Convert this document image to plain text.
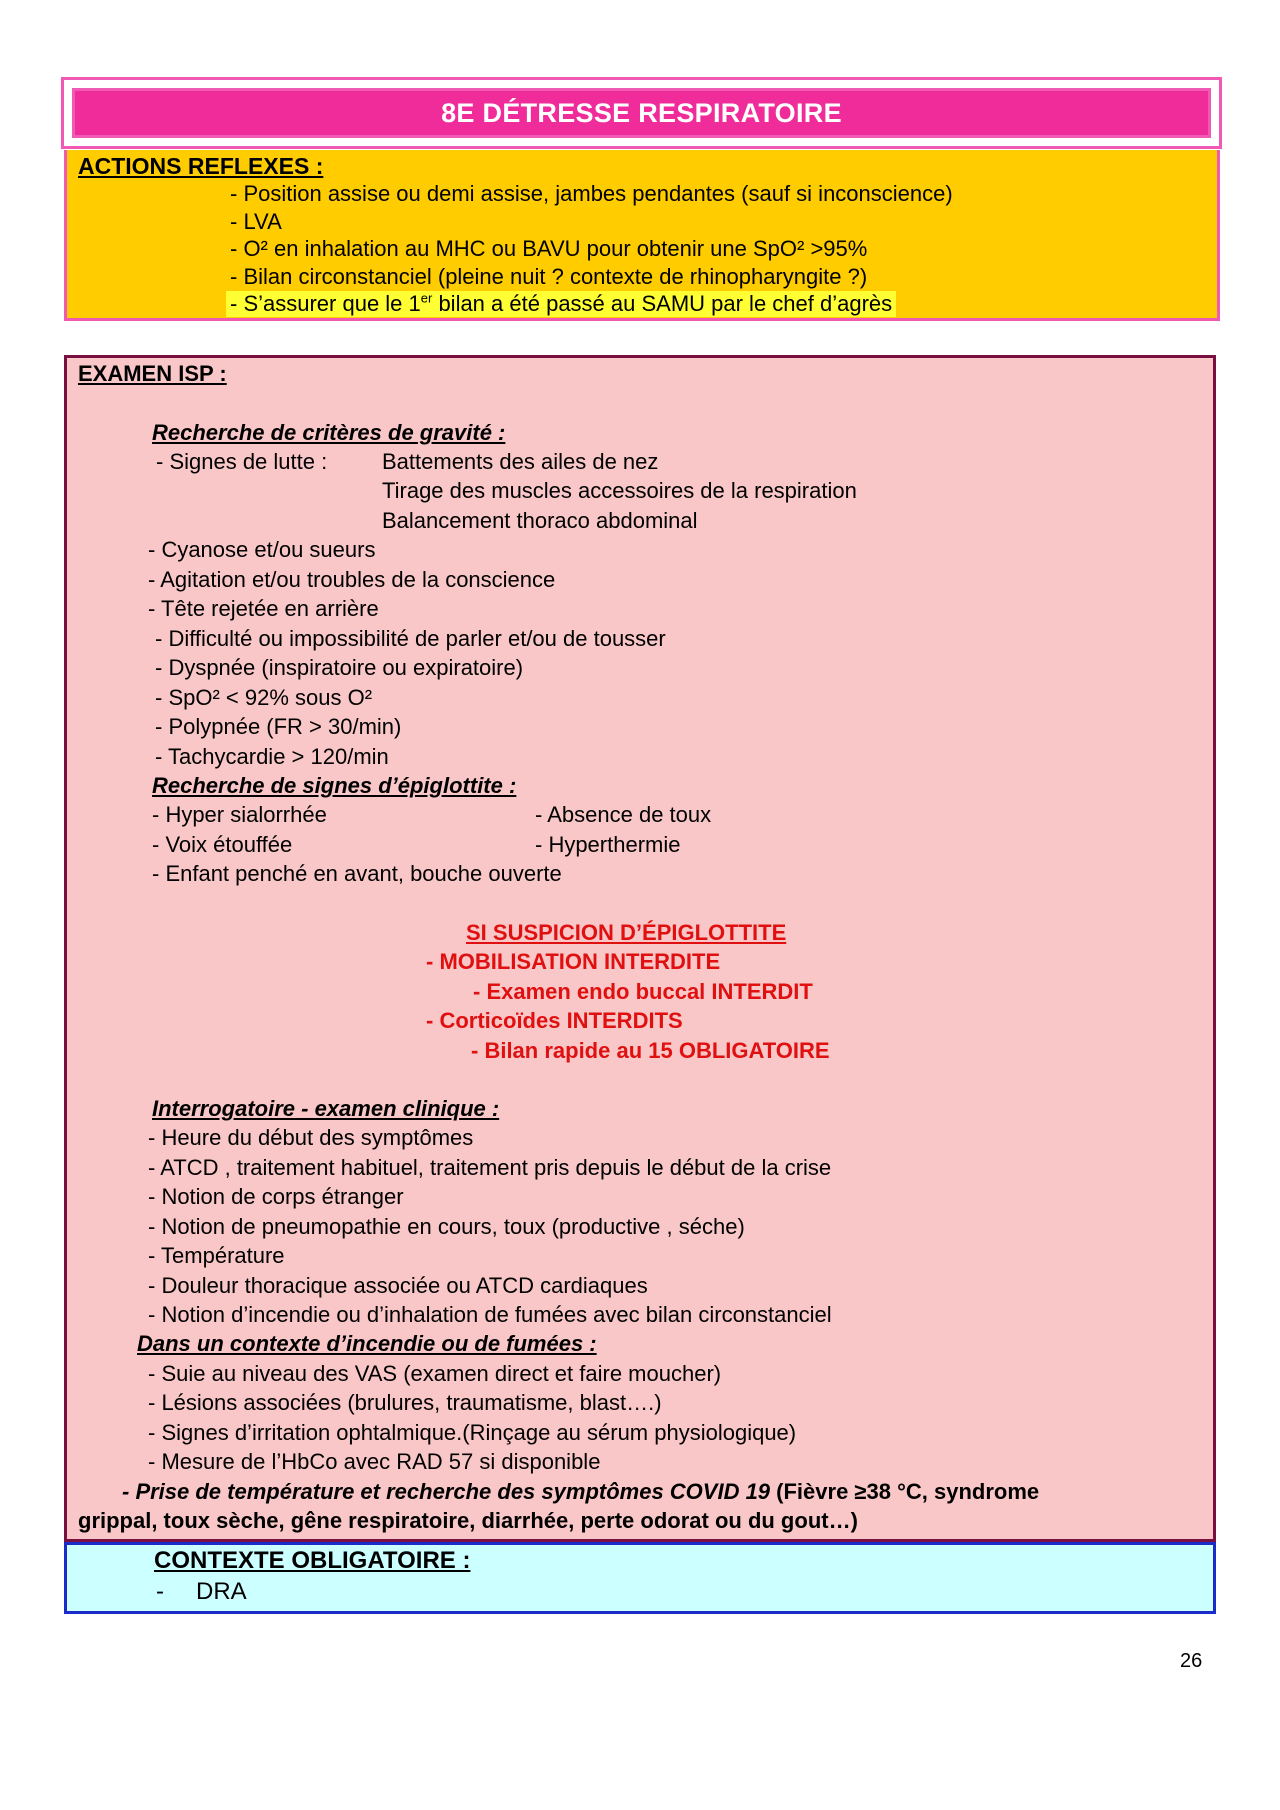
8E DÉTRESSE RESPIRATOIRE
ACTIONS REFLEXES :
- Position assise ou demi assise, jambes pendantes (sauf si inconscience)
- LVA
- O² en inhalation au MHC ou BAVU pour obtenir une SpO² >95%
- Bilan circonstanciel (pleine nuit ? contexte de rhinopharyngite ?)
- S’assurer que le 1er bilan a été passé au SAMU par le chef d’agrès
EXAMEN ISP :
Recherche de critères de gravité :
- Signes de lutte : Battements des ailes de nez
Tirage des muscles accessoires de la respiration
Balancement thoraco abdominal
- Cyanose et/ou sueurs
- Agitation et/ou troubles de la conscience
- Tête rejetée en arrière
- Difficulté ou impossibilité de parler et/ou de tousser
- Dyspnée (inspiratoire ou expiratoire)
- SpO² < 92% sous O²
- Polypnée (FR > 30/min)
- Tachycardie > 120/min
Recherche de signes d’épiglottite :
- Hyper sialorrhée	- Absence de toux
- Voix étouffée	- Hyperthermie
- Enfant penché en avant, bouche ouverte
SI SUSPICION D’ÉPIGLOTTITE
- MOBILISATION INTERDITE
- Examen endo buccal INTERDIT
- Corticoïdes INTERDITS
- Bilan rapide au 15 OBLIGATOIRE
Interrogatoire - examen clinique :
- Heure du début des symptômes
- ATCD , traitement habituel, traitement pris depuis le début de la crise
- Notion de corps étranger
- Notion de pneumopathie en cours, toux (productive , séche)
- Température
- Douleur thoracique associée ou ATCD cardiaques
- Notion d’incendie ou d’inhalation de fumées avec bilan circonstanciel
Dans un contexte d’incendie ou de fumées :
- Suie au niveau des VAS (examen direct et faire moucher)
- Lésions associées (brulures, traumatisme, blast….)
- Signes d’irritation ophtalmique.(Rinçage au sérum physiologique)
- Mesure de l’HbCo avec RAD 57 si disponible
- Prise de température et recherche des symptômes COVID 19 (Fièvre ≥38 °C, syndrome
grippal, toux sèche, gêne respiratoire, diarrhée, perte odorat ou du gout…)
CONTEXTE OBLIGATOIRE :
- DRA
26
